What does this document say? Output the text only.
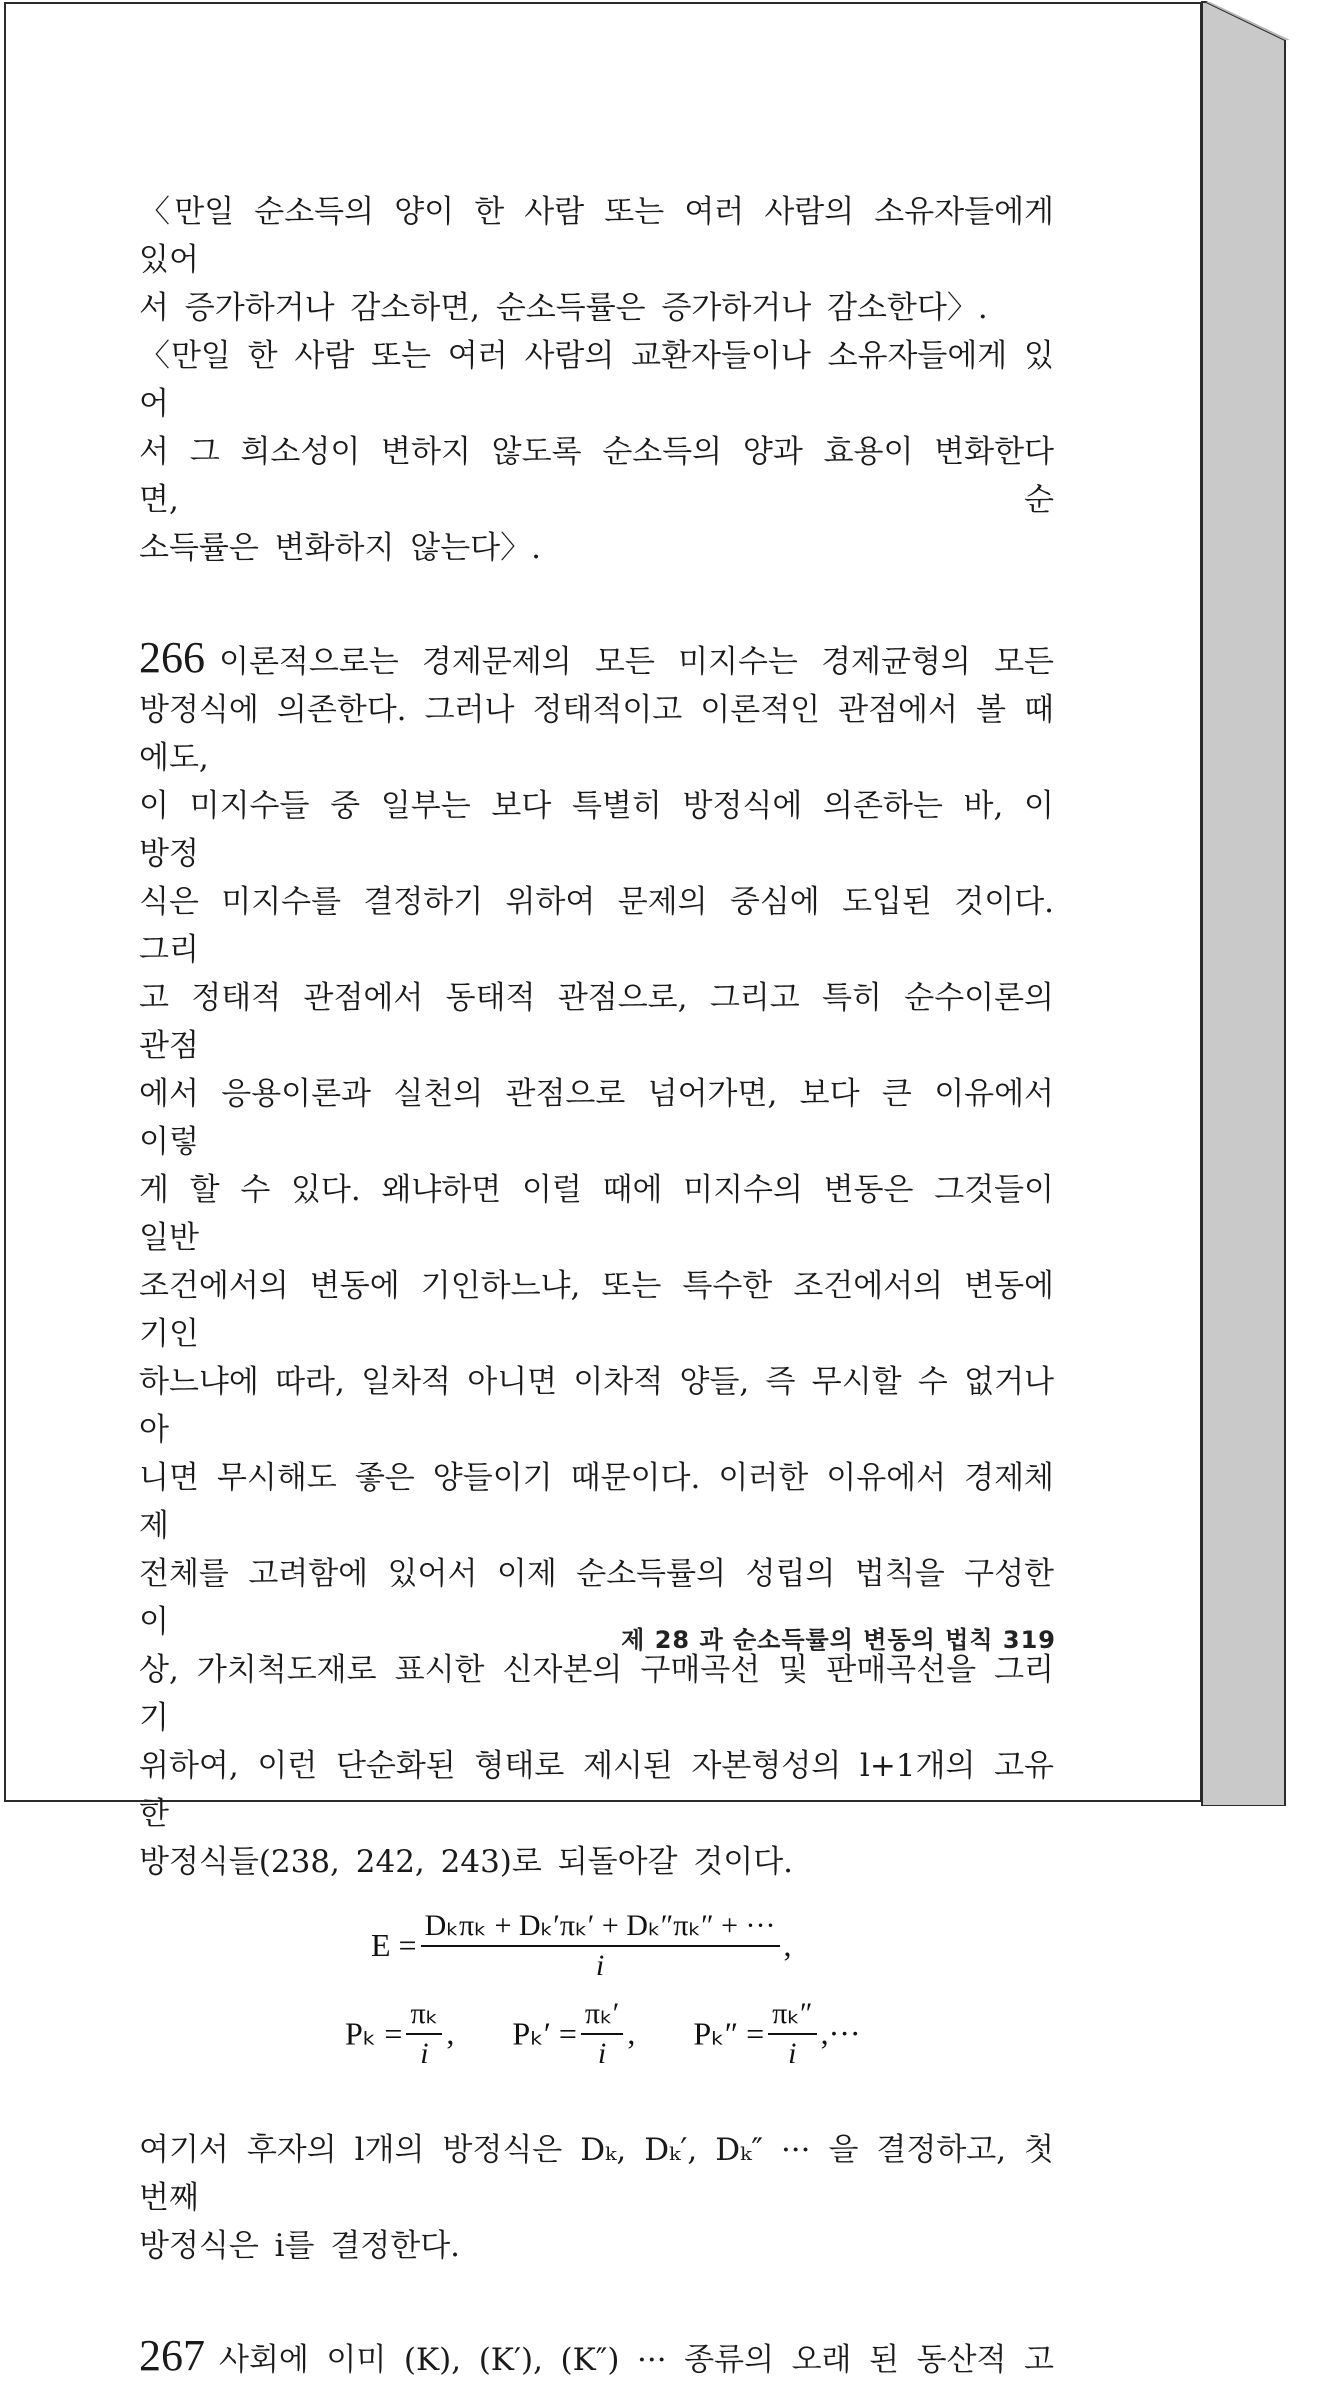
〈만일 순소득의 양이 한 사람 또는 여러 사람의 소유자들에게 있어

서 증가하거나 감소하면, 순소득률은 증가하거나 감소한다〉.

〈만일 한 사람 또는 여러 사람의 교환자들이나 소유자들에게 있어

서 그 희소성이 변하지 않도록 순소득의 양과 효용이 변화한다면, 순

소득률은 변화하지 않는다〉.

266 이론적으로는 경제문제의 모든 미지수는 경제균형의 모든

방정식에 의존한다. 그러나 정태적이고 이론적인 관점에서 볼 때에도,

이 미지수들 중 일부는 보다 특별히 방정식에 의존하는 바, 이 방정

식은 미지수를 결정하기 위하여 문제의 중심에 도입된 것이다. 그리

고 정태적 관점에서 동태적 관점으로, 그리고 특히 순수이론의 관점

에서 응용이론과 실천의 관점으로 넘어가면, 보다 큰 이유에서 이렇

게 할 수 있다. 왜냐하면 이럴 때에 미지수의 변동은 그것들이 일반

조건에서의 변동에 기인하느냐, 또는 특수한 조건에서의 변동에 기인

하느냐에 따라, 일차적 아니면 이차적 양들, 즉 무시할 수 없거나 아

니면 무시해도 좋은 양들이기 때문이다. 이러한 이유에서 경제체제

전체를 고려함에 있어서 이제 순소득률의 성립의 법칙을 구성한 이

상, 가치척도재로 표시한 신자본의 구매곡선 및 판매곡선을 그리기

위하여, 이런 단순화된 형태로 제시된 자본형성의 l+1개의 고유한

방정식들(238, 242, 243)로 되돌아갈 것이다.

$E = \frac{\text{Dₖπₖ + Dₖ′πₖ′ + Dₖ″πₖ″ + ···}}{i}$ ,
$P_k = \frac{\text{πₖ}}{i}$ , $P_k' = \frac{\text{πₖ′}}{i}$ , $P_k'' = \frac{\text{πₖ″}}{i}$ ,···

여기서 후자의 l개의 방정식은 Dₖ, Dₖ′, Dₖ″ ··· 을 결정하고, 첫번째

방정식은 i를 결정한다.

267 사회에 이미 (K), (K′), (K″) ··· 종류의 오래 된 동산적 고

제 28 과 순소득률의 변동의 법칙 319
